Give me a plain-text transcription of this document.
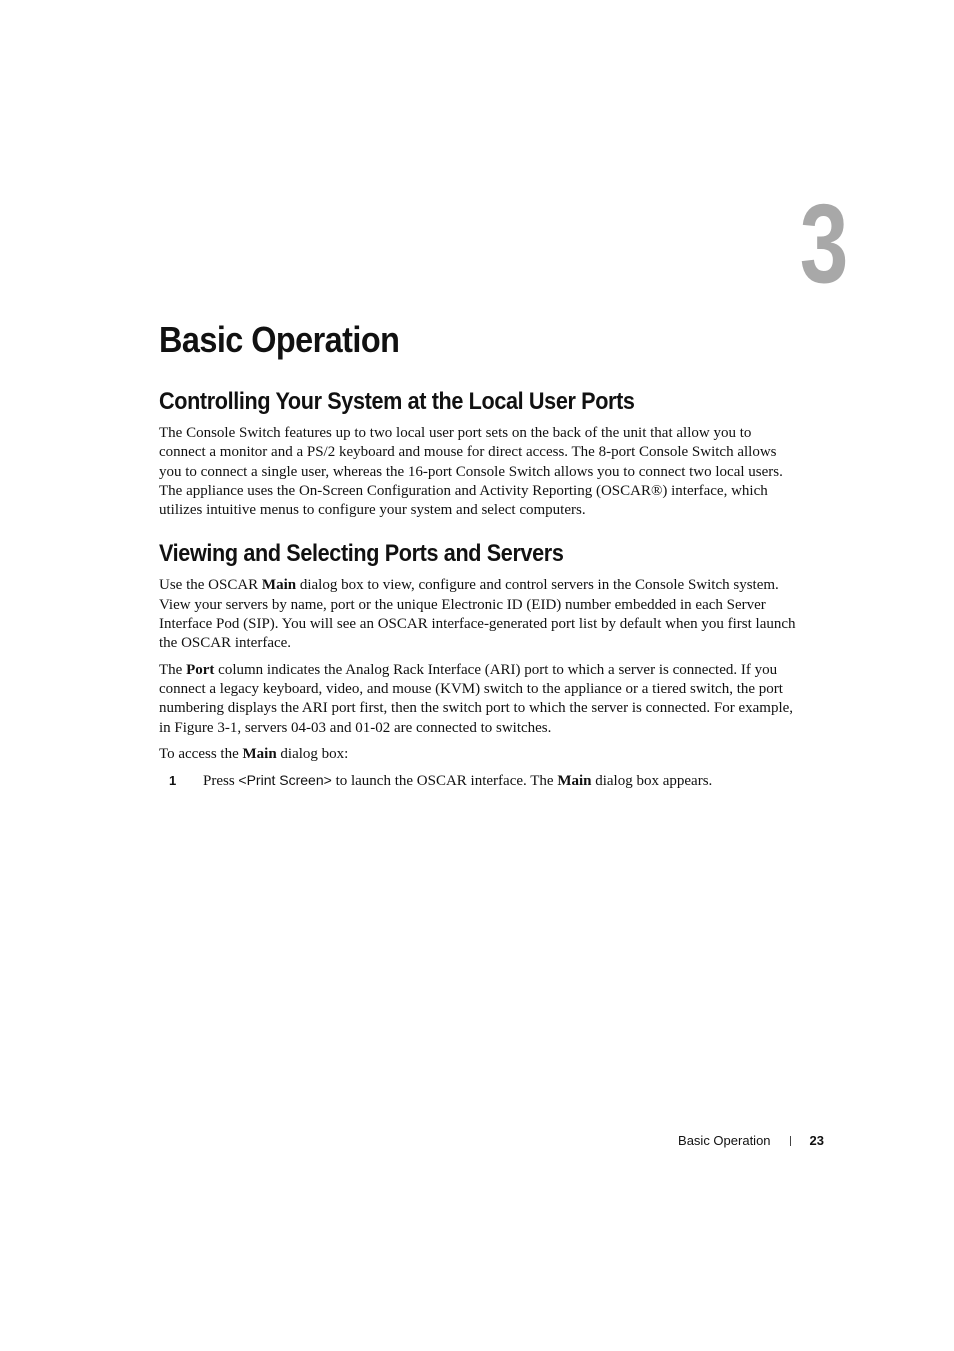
3
Basic Operation
Controlling Your System at the Local User Ports

The Console Switch features up to two local user port sets on the back of the unit that allow you to connect a monitor and a PS/2 keyboard and mouse for direct access. The 8-port Console Switch allows you to connect a single user, whereas the 16-port Console Switch allows you to connect two local users. The appliance uses the On-Screen Configuration and Activity Reporting (OSCAR®) interface, which utilizes intuitive menus to configure your system and select computers.

Viewing and Selecting Ports and Servers

Use the OSCAR Main dialog box to view, configure and control servers in the Console Switch system. View your servers by name, port or the unique Electronic ID (EID) number embedded in each Server Interface Pod (SIP). You will see an OSCAR interface-generated port list by default when you first launch the OSCAR interface.

The Port column indicates the Analog Rack Interface (ARI) port to which a server is connected. If you connect a legacy keyboard, video, and mouse (KVM) switch to the appliance or a tiered switch, the port numbering displays the ARI port first, then the switch port to which the server is connected. For example, in Figure 3-1, servers 04-03 and 01-02 are connected to switches.

To access the Main dialog box:

1	Press <Print Screen> to launch the OSCAR interface. The Main dialog box appears.
Basic Operation	23
